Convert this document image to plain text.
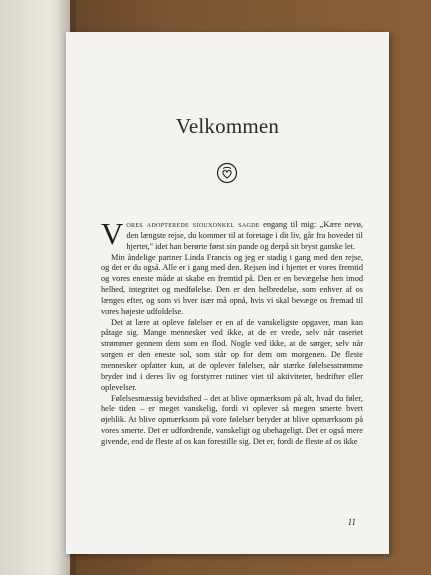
Velkommen

Vores adopterede siouxonkel sagde engang til mig: „Kære nevø, den længste rejse, du kommer til at foretage i dit liv, går fra hovedet til hjertet," idet han berørte først sin pande og derpå sit bryst ganske let.

Min åndelige partner Linda Francis og jeg er stadig i gang med den rejse, og det er du også. Alle er i gang med den. Rejsen ind i hjertet er vores fremtid og vores eneste måde at skabe en fremtid på. Den er en bevægelse hen imod helhed, integritet og medfølelse. Den er den helbredelse, som enhver af os længes efter, og som vi hver især må opnå, hvis vi skal bevæge os fremad til vores højeste udfoldelse.

Det at lære at opleve følelser er en af de vanskeligste opgaver, man kan påtage sig. Mange mennesker ved ikke, at de er vrede, selv når raseriet strømmer gennem dem som en flod. Nogle ved ikke, at de sørger, selv når sorgen er den eneste sol, som står op for dem om morgenen. De fleste mennesker opfatter kun, at de oplever følelser, når stærke følelsesstrømme bryder ind i deres liv og forstyrrer rutiner viet til aktiviteter, bedrifter eller oplevelser.

Følelsesmæssig bevidsthed – det at blive opmærksom på alt, hvad du føler, hele tiden – er meget vanskelig, fordi vi oplever så megen smerte hvert øjeblik. At blive opmærksom på vore følelser betyder at blive opmærksom på vores smerte. Det er udfordrende, vanskeligt og ubehageligt. Det er også mere givende, end de fleste af os kan forestille sig. Det er, fordi de fleste af os ikke

11
